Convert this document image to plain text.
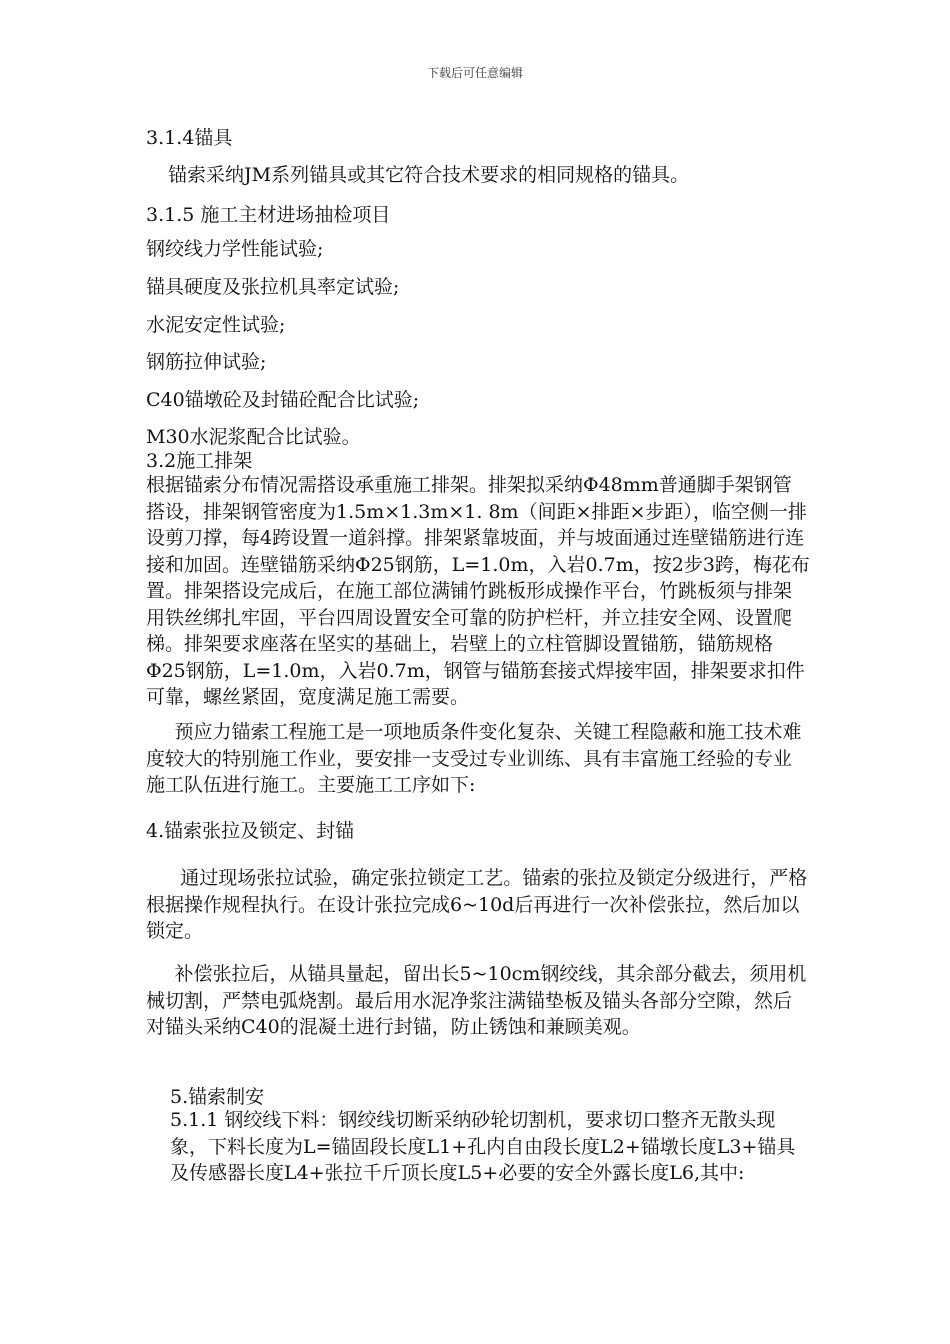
下载后可任意编辑
3.1.4锚具
锚索采纳JM系列锚具或其它符合技术要求的相同规格的锚具。
3.1.5 施工主材进场抽检项目
钢绞线力学性能试验;
锚具硬度及张拉机具率定试验;
水泥安定性试验;
钢筋拉伸试验;
C40锚墩砼及封锚砼配合比试验;
M30水泥浆配合比试验。
3.2施工排架
根据锚索分布情况需搭设承重施工排架。排架拟采纳Φ48mm普通脚手架钢管搭设，排架钢管密度为1.5m×1.3m×1. 8m（间距×排距×步距），临空侧一排设剪刀撑，每4跨设置一道斜撑。排架紧靠坡面，并与坡面通过连壁锚筋进行连接和加固。连壁锚筋采纳Φ25钢筋，L=1.0m，入岩0.7m，按2步3跨，梅花布置。排架搭设完成后，在施工部位满铺竹跳板形成操作平台，竹跳板须与排架用铁丝绑扎牢固，平台四周设置安全可靠的防护栏杆，并立挂安全网、设置爬梯。排架要求座落在坚实的基础上，岩壁上的立柱管脚设置锚筋，锚筋规格Φ25钢筋，L=1.0m，入岩0.7m，钢管与锚筋套接式焊接牢固，排架要求扣件可靠，螺丝紧固，宽度满足施工需要。
预应力锚索工程施工是一项地质条件变化复杂、关键工程隐蔽和施工技术难度较大的特别施工作业，要安排一支受过专业训练、具有丰富施工经验的专业施工队伍进行施工。主要施工工序如下:
4.锚索张拉及锁定、封锚
通过现场张拉试验，确定张拉锁定工艺。锚索的张拉及锁定分级进行，严格根据操作规程执行。在设计张拉完成6~10d后再进行一次补偿张拉，然后加以锁定。
补偿张拉后，从锚具量起，留出长5~10cm钢绞线，其余部分截去，须用机械切割，严禁电弧烧割。最后用水泥净浆注满锚垫板及锚头各部分空隙，然后对锚头采纳C40的混凝土进行封锚，防止锈蚀和兼顾美观。
5.锚索制安
5.1.1 钢绞线下料：钢绞线切断采纳砂轮切割机，要求切口整齐无散头现象，下料长度为L=锚固段长度L1+孔内自由段长度L2+锚墩长度L3+锚具及传感器长度L4+张拉千斤顶长度L5+必要的安全外露长度L6,其中:
